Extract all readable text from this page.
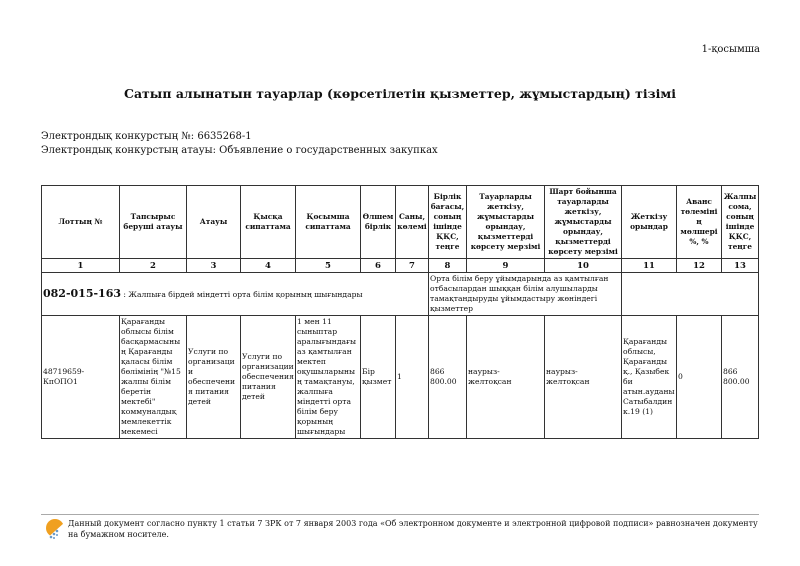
1-қосымша
Сатып алынатын тауарлар (көрсетілетін қызметтер, жұмыстардың) тізімі
Электрондық конкурстың №: 6635268-1
Электрондық конкурстың атауы: Объявление о государственных закупках
Лоттың №	Тапсырыс беруші атауы	Атауы	Қысқа сипаттама	Қосымша сипаттама	Өлшем бірлік	Саны, көлемі	Бірлік бағасы, соның ішінде ҚҚС, теңге	Тауарларды жеткізу, жұмыстарды орындау, қызметтерді көрсету мерзімі	Шарт бойынша тауарларды жеткізу, жұмыстарды орындау, қызметтерді көрсету мерзімі	Жеткізу орындар	Аванс төлемінің мөлшері %, %	Жалпы сома, соның ішінде ҚҚС, теңге
1	2	3	4	5	6	7	8	9	10	11	12	13
082-015-163 : Жалпыға бірдей міндетті орта білім қорының шығындары							Орта білім беру ұйымдарында аз қамтылған отбасылардан шыққан білім алушыларды тамақтандыруды ұйымдастыру жөніндегі қызметтер					
48719659-КпОПО1	Қарағанды облысы білім басқармасының Қарағанды қаласы білім бөлімінің "№15 жалпы білім беретін мектебі" коммуналдық мемлекеттік мекемесі	Услуги по организации обеспечения питания детей	Услуги по организации обеспечения питания детей	1 мен 11 сыныптар аралығындағы аз қамтылған мектеп оқушыларының тамақтануы, жалпыға міндетті орта білім беру қорының шығындары	Бір қызмет	1	866 800.00	наурыз-желтоқсан	наурыз-желтоқсан	Қарағанды облысы, Қарағанды қ., Қазыбек би атын.ауданы Сатыбалдин к.19 (1)	0	866 800.00
Данный документ согласно пункту 1 статьи 7 ЗРК от 7 января 2003 года «Об электронном документе и электронной цифровой подписи» равнозначен документу на бумажном носителе.
